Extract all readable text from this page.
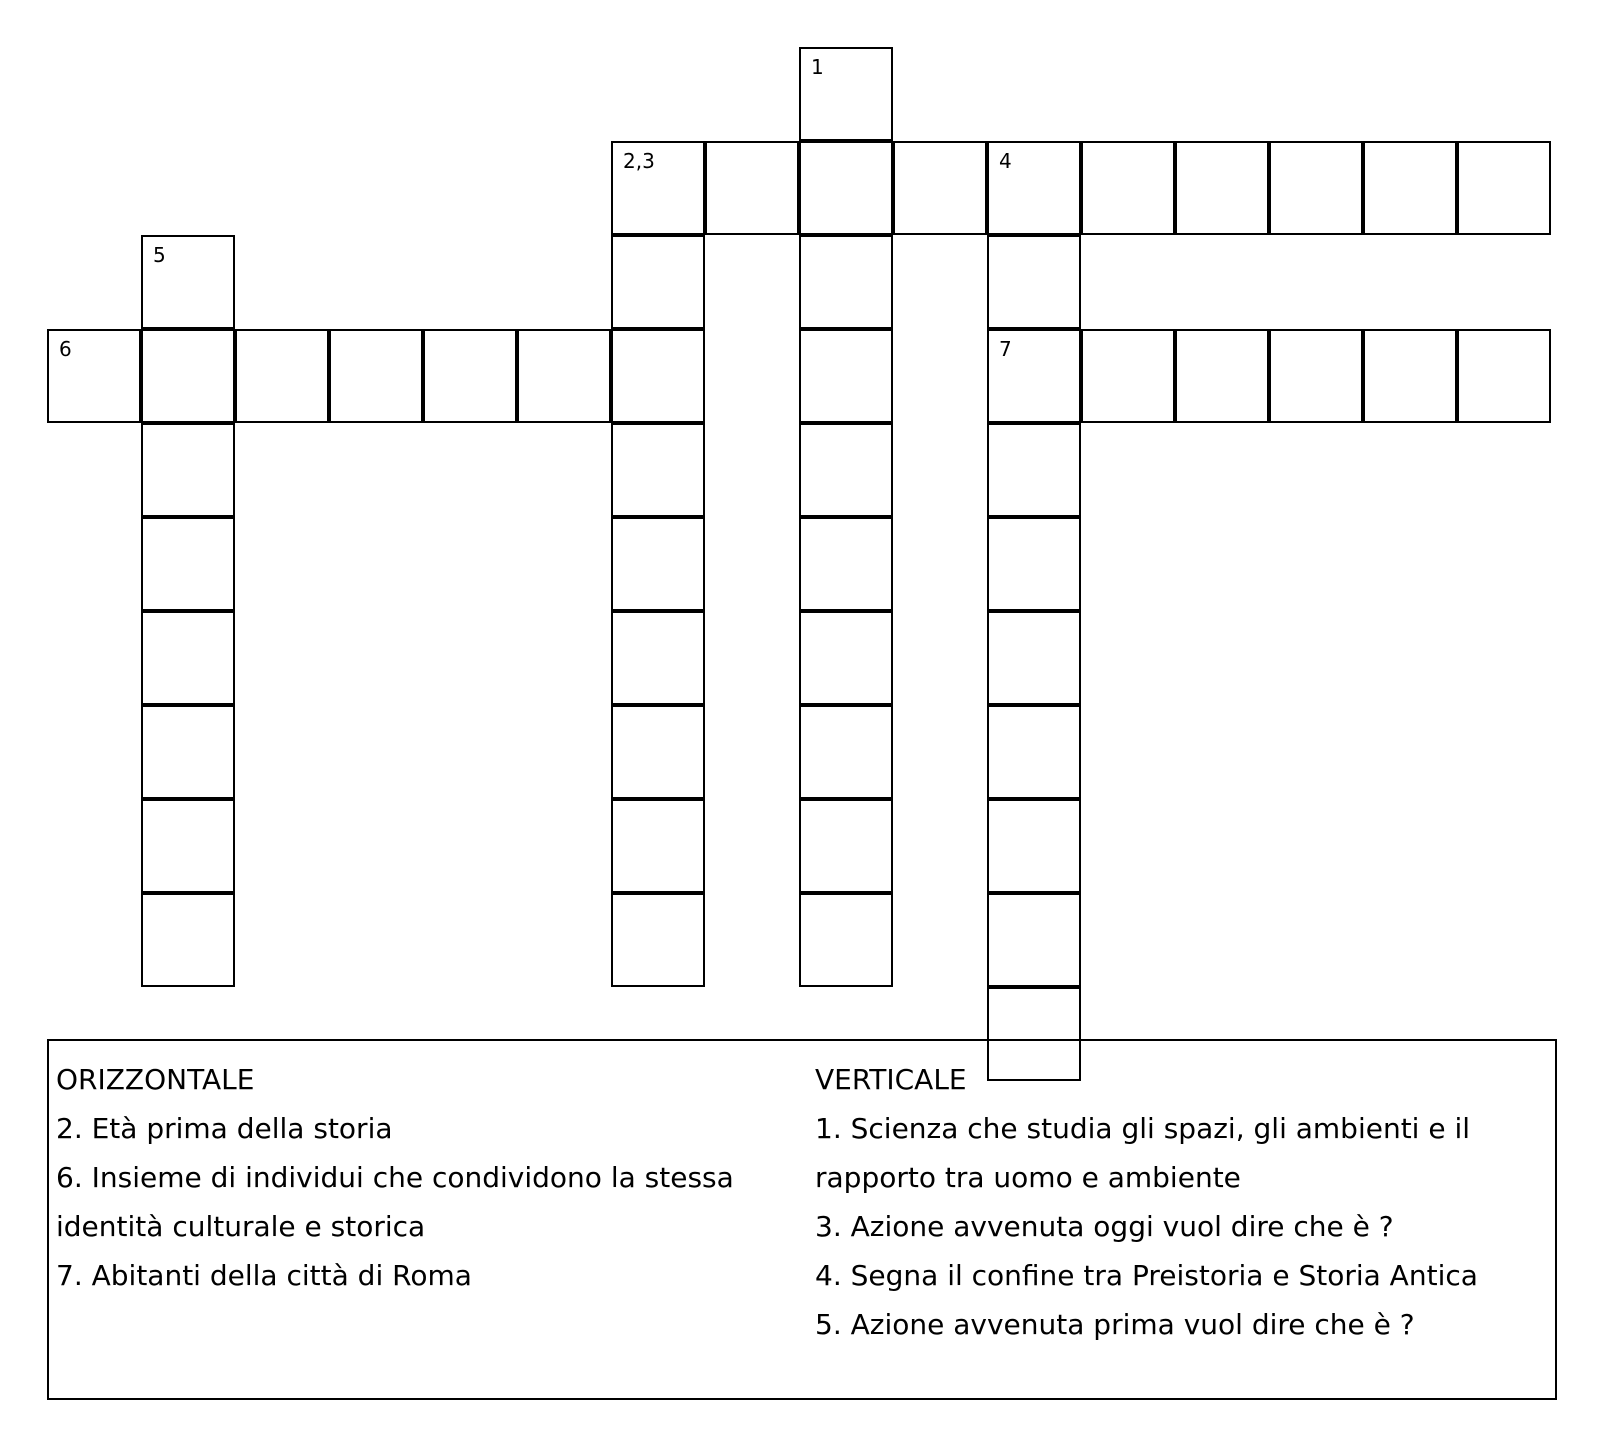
2,3	4
6	7
1
5
ORIZZONTALE
2. Età prima della storia
6. Insieme di individui che condividono la stessa identità culturale e storica
7. Abitanti della città di Roma
VERTICALE
1. Scienza che studia gli spazi, gli ambienti e il rapporto tra uomo e ambiente
3. Azione avvenuta oggi vuol dire che è ?
4. Segna il confine tra Preistoria e Storia Antica
5. Azione avvenuta prima vuol dire che è ?
